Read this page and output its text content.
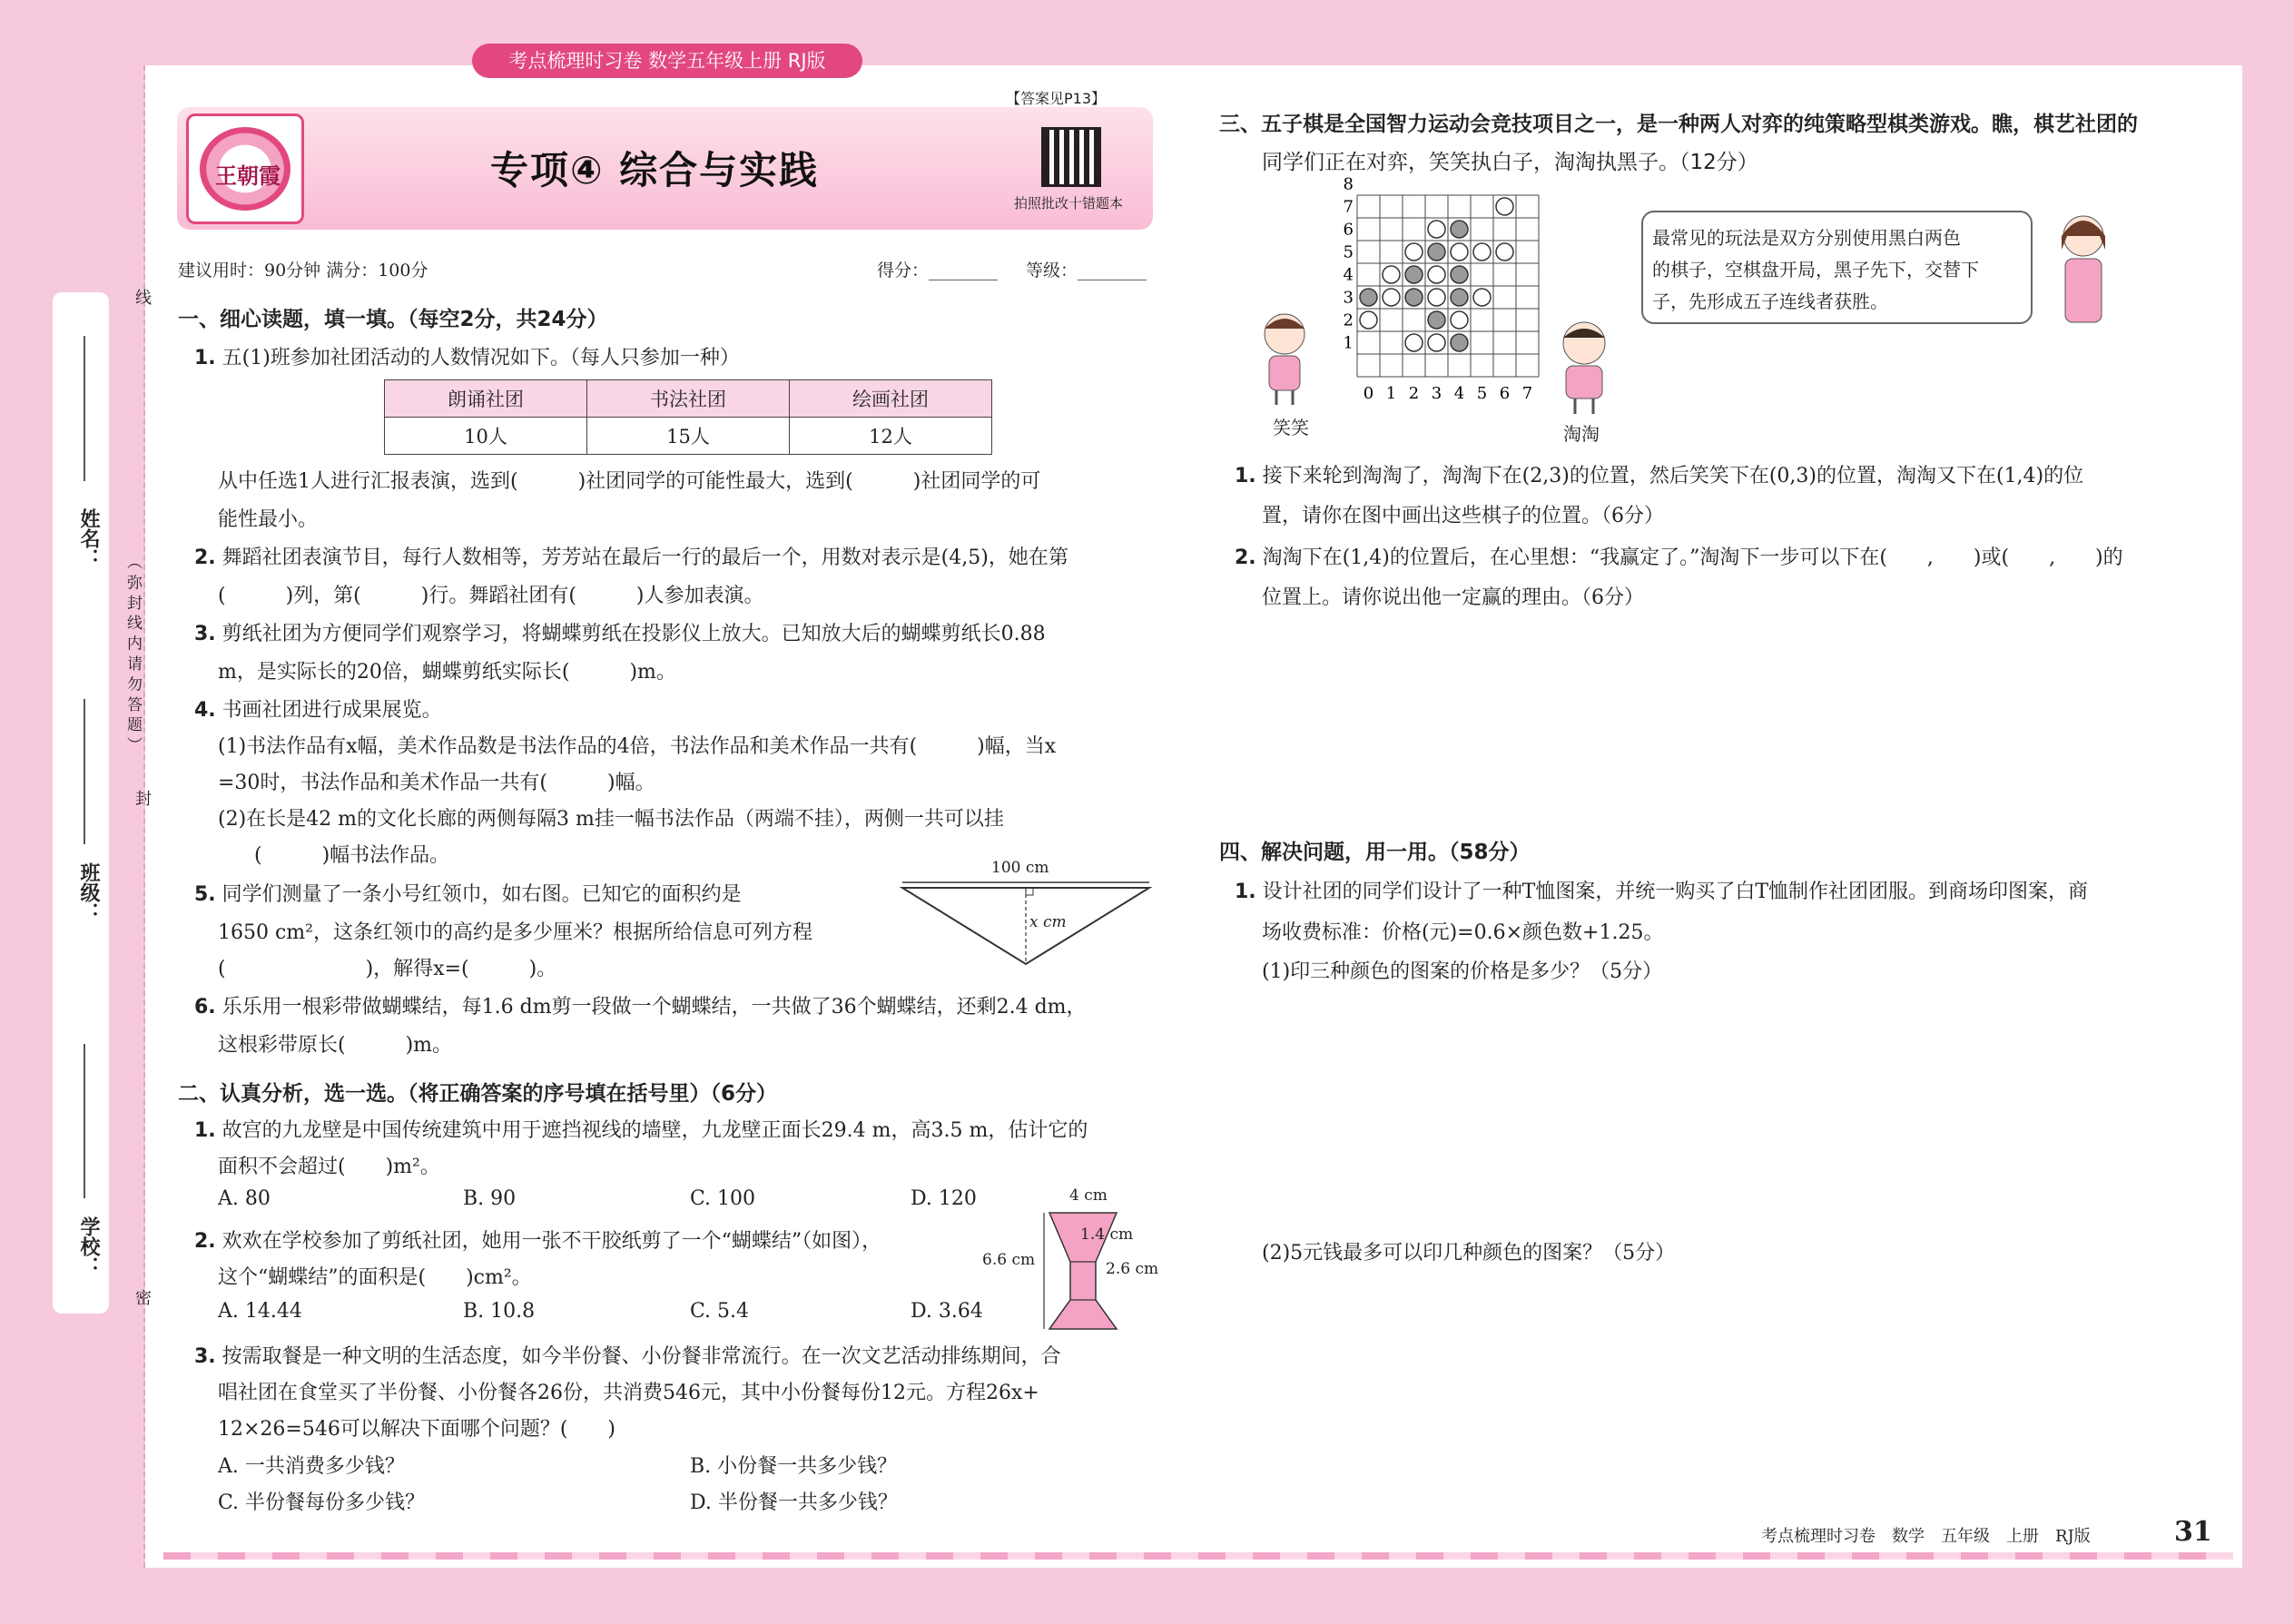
姓名：
班级：
学校：
（ 弥 封 线 内 请 勿 答 题 ）
线
封
密
考点梳理时习卷 数学五年级上册 RJ版
王朝霞	专项④ 综合与实践
【答案见P13】
拍照批改十错题本
建议用时：90分钟 满分：100分	得分：________ 等级：________
一、细心读题，填一填。（每空2分，共24分）
1. 五(1)班参加社团活动的人数情况如下。（每人只参加一种）
朗诵社团	书法社团	绘画社团
10人	15人	12人
从中任选1人进行汇报表演，选到(　　　)社团同学的可能性最大，选到(　　　)社团同学的可
能性最小。
2. 舞蹈社团表演节目，每行人数相等，芳芳站在最后一行的最后一个，用数对表示是(4,5)，她在第
(　　　)列，第(　　　)行。舞蹈社团有(　　　)人参加表演。
3. 剪纸社团为方便同学们观察学习，将蝴蝶剪纸在投影仪上放大。已知放大后的蝴蝶剪纸长0.88
m，是实际长的20倍，蝴蝶剪纸实际长(　　　)m。
4. 书画社团进行成果展览。
(1)书法作品有x幅，美术作品数是书法作品的4倍，书法作品和美术作品一共有(　　　)幅，当x
=30时，书法作品和美术作品一共有(　　　)幅。
(2)在长是42 m的文化长廊的两侧每隔3 m挂一幅书法作品（两端不挂），两侧一共可以挂
(　　　)幅书法作品。
5. 同学们测量了一条小号红领巾，如右图。已知它的面积约是
1650 cm²，这条红领巾的高约是多少厘米？根据所给信息可列方程
(　　　　　　　)，解得x=(　　　)。
100 cm
x cm
6. 乐乐用一根彩带做蝴蝶结，每1.6 dm剪一段做一个蝴蝶结，一共做了36个蝴蝶结，还剩2.4 dm，
这根彩带原长(　　　)m。
二、认真分析，选一选。（将正确答案的序号填在括号里）（6分）
1. 故宫的九龙壁是中国传统建筑中用于遮挡视线的墙壁，九龙壁正面长29.4 m，高3.5 m，估计它的
面积不会超过(　　)m²。
A. 80	B. 90	C. 100	D. 120
2. 欢欢在学校参加了剪纸社团，她用一张不干胶纸剪了一个“蝴蝶结”（如图），
这个“蝴蝶结”的面积是(　　)cm²。
A. 14.44	B. 10.8	C. 5.4	D. 3.64
4 cm
1.4 cm
6.6 cm	2.6 cm
3. 按需取餐是一种文明的生活态度，如今半份餐、小份餐非常流行。在一次文艺活动排练期间，合
唱社团在食堂买了半份餐、小份餐各26份，共消费546元，其中小份餐每份12元。方程26x+
12×26=546可以解决下面哪个问题？(　　)
A. 一共消费多少钱？	B. 小份餐一共多少钱？
C. 半份餐每份多少钱？	D. 半份餐一共多少钱？
三、五子棋是全国智力运动会竞技项目之一，是一种两人对弈的纯策略型棋类游戏。瞧，棋艺社团的
同学们正在对弈，笑笑执白子，淘淘执黑子。（12分）
0 1 2 3 4 5 6 7
1
2
3
4
5
6
7
8
笑笑	淘淘
最常见的玩法是双方分别使用黑白两色
的棋子，空棋盘开局，黑子先下，交替下
子，先形成五子连线者获胜。
1. 接下来轮到淘淘了，淘淘下在(2,3)的位置，然后笑笑下在(0,3)的位置，淘淘又下在(1,4)的位
置，请你在图中画出这些棋子的位置。（6分）
2. 淘淘下在(1,4)的位置后，在心里想：“我赢定了。”淘淘下一步可以下在(　　,　　)或(　　,　　)的
位置上。请你说出他一定赢的理由。（6分）
四、解决问题，用一用。（58分）
1. 设计社团的同学们设计了一种T恤图案，并统一购买了白T恤制作社团团服。到商场印图案，商
场收费标准：价格(元)=0.6×颜色数+1.25。
(1)印三种颜色的图案的价格是多少？（5分）
(2)5元钱最多可以印几种颜色的图案？（5分）
考点梳理时习卷　数学　五年级　上册　RJ版	31
